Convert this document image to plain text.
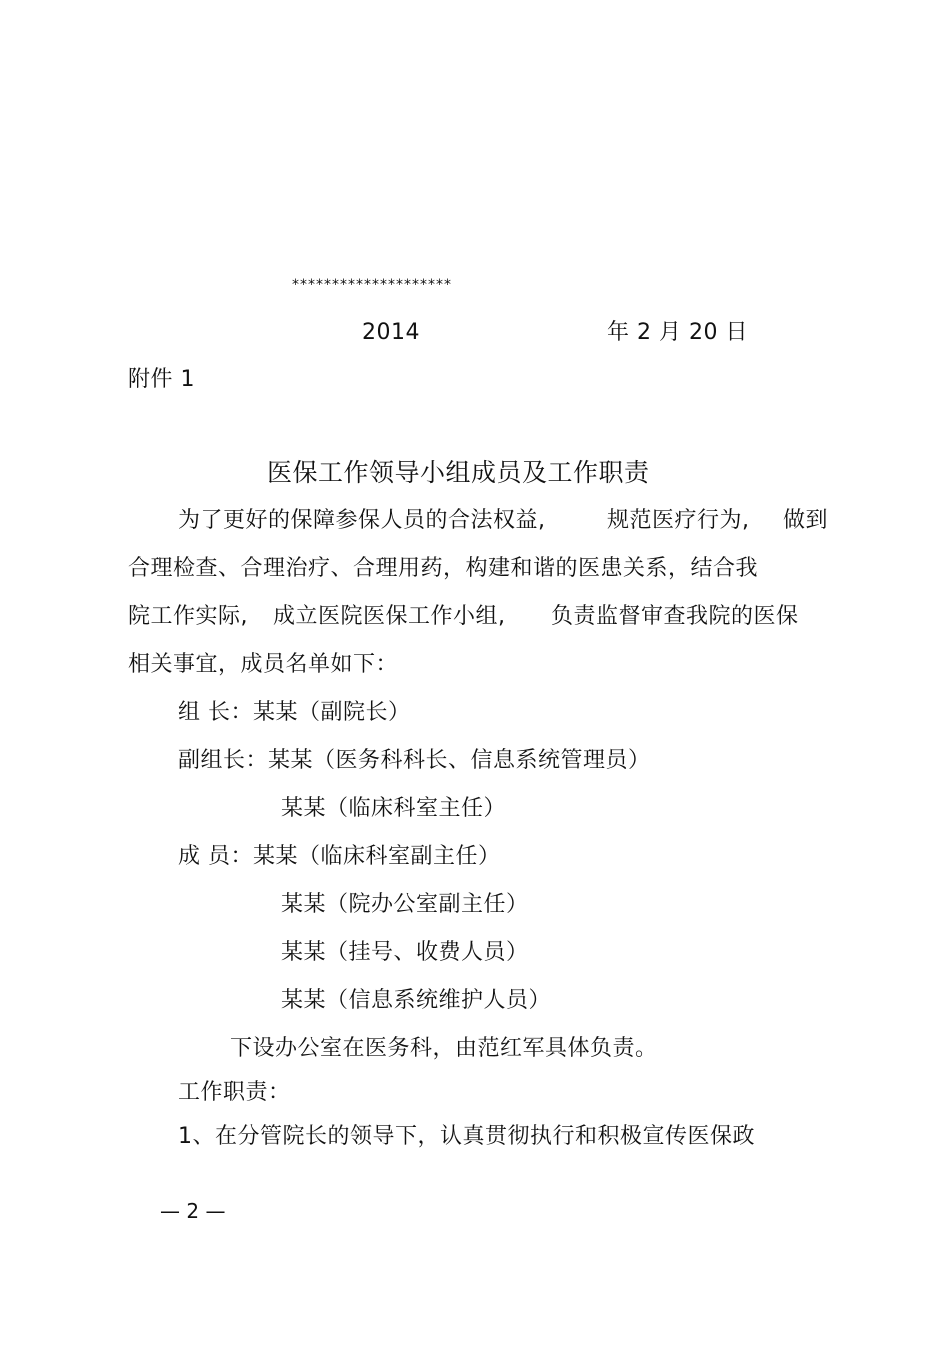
********************
2014	年 2 月 20 日
附件 1
医保工作领导小组成员及工作职责
为了更好的保障参保人员的合法权益,	规范医疗行为, 做到
合理检查、合理治疗、合理用药，构建和谐的医患关系，结合我
院工作实际, 成立医院医保工作小组, 负责监督审查我院的医保
相关事宜，成员名单如下：
组 长：某某（副院长）
副组长：某某（医务科科长、信息系统管理员）
某某（临床科室主任）
成 员：某某（临床科室副主任）
某某（院办公室副主任）
某某（挂号、收费人员）
某某（信息系统维护人员）
下设办公室在医务科，由范红军具体负责。
工作职责：
1、在分管院长的领导下，认真贯彻执行和积极宣传医保政
— 2 —
